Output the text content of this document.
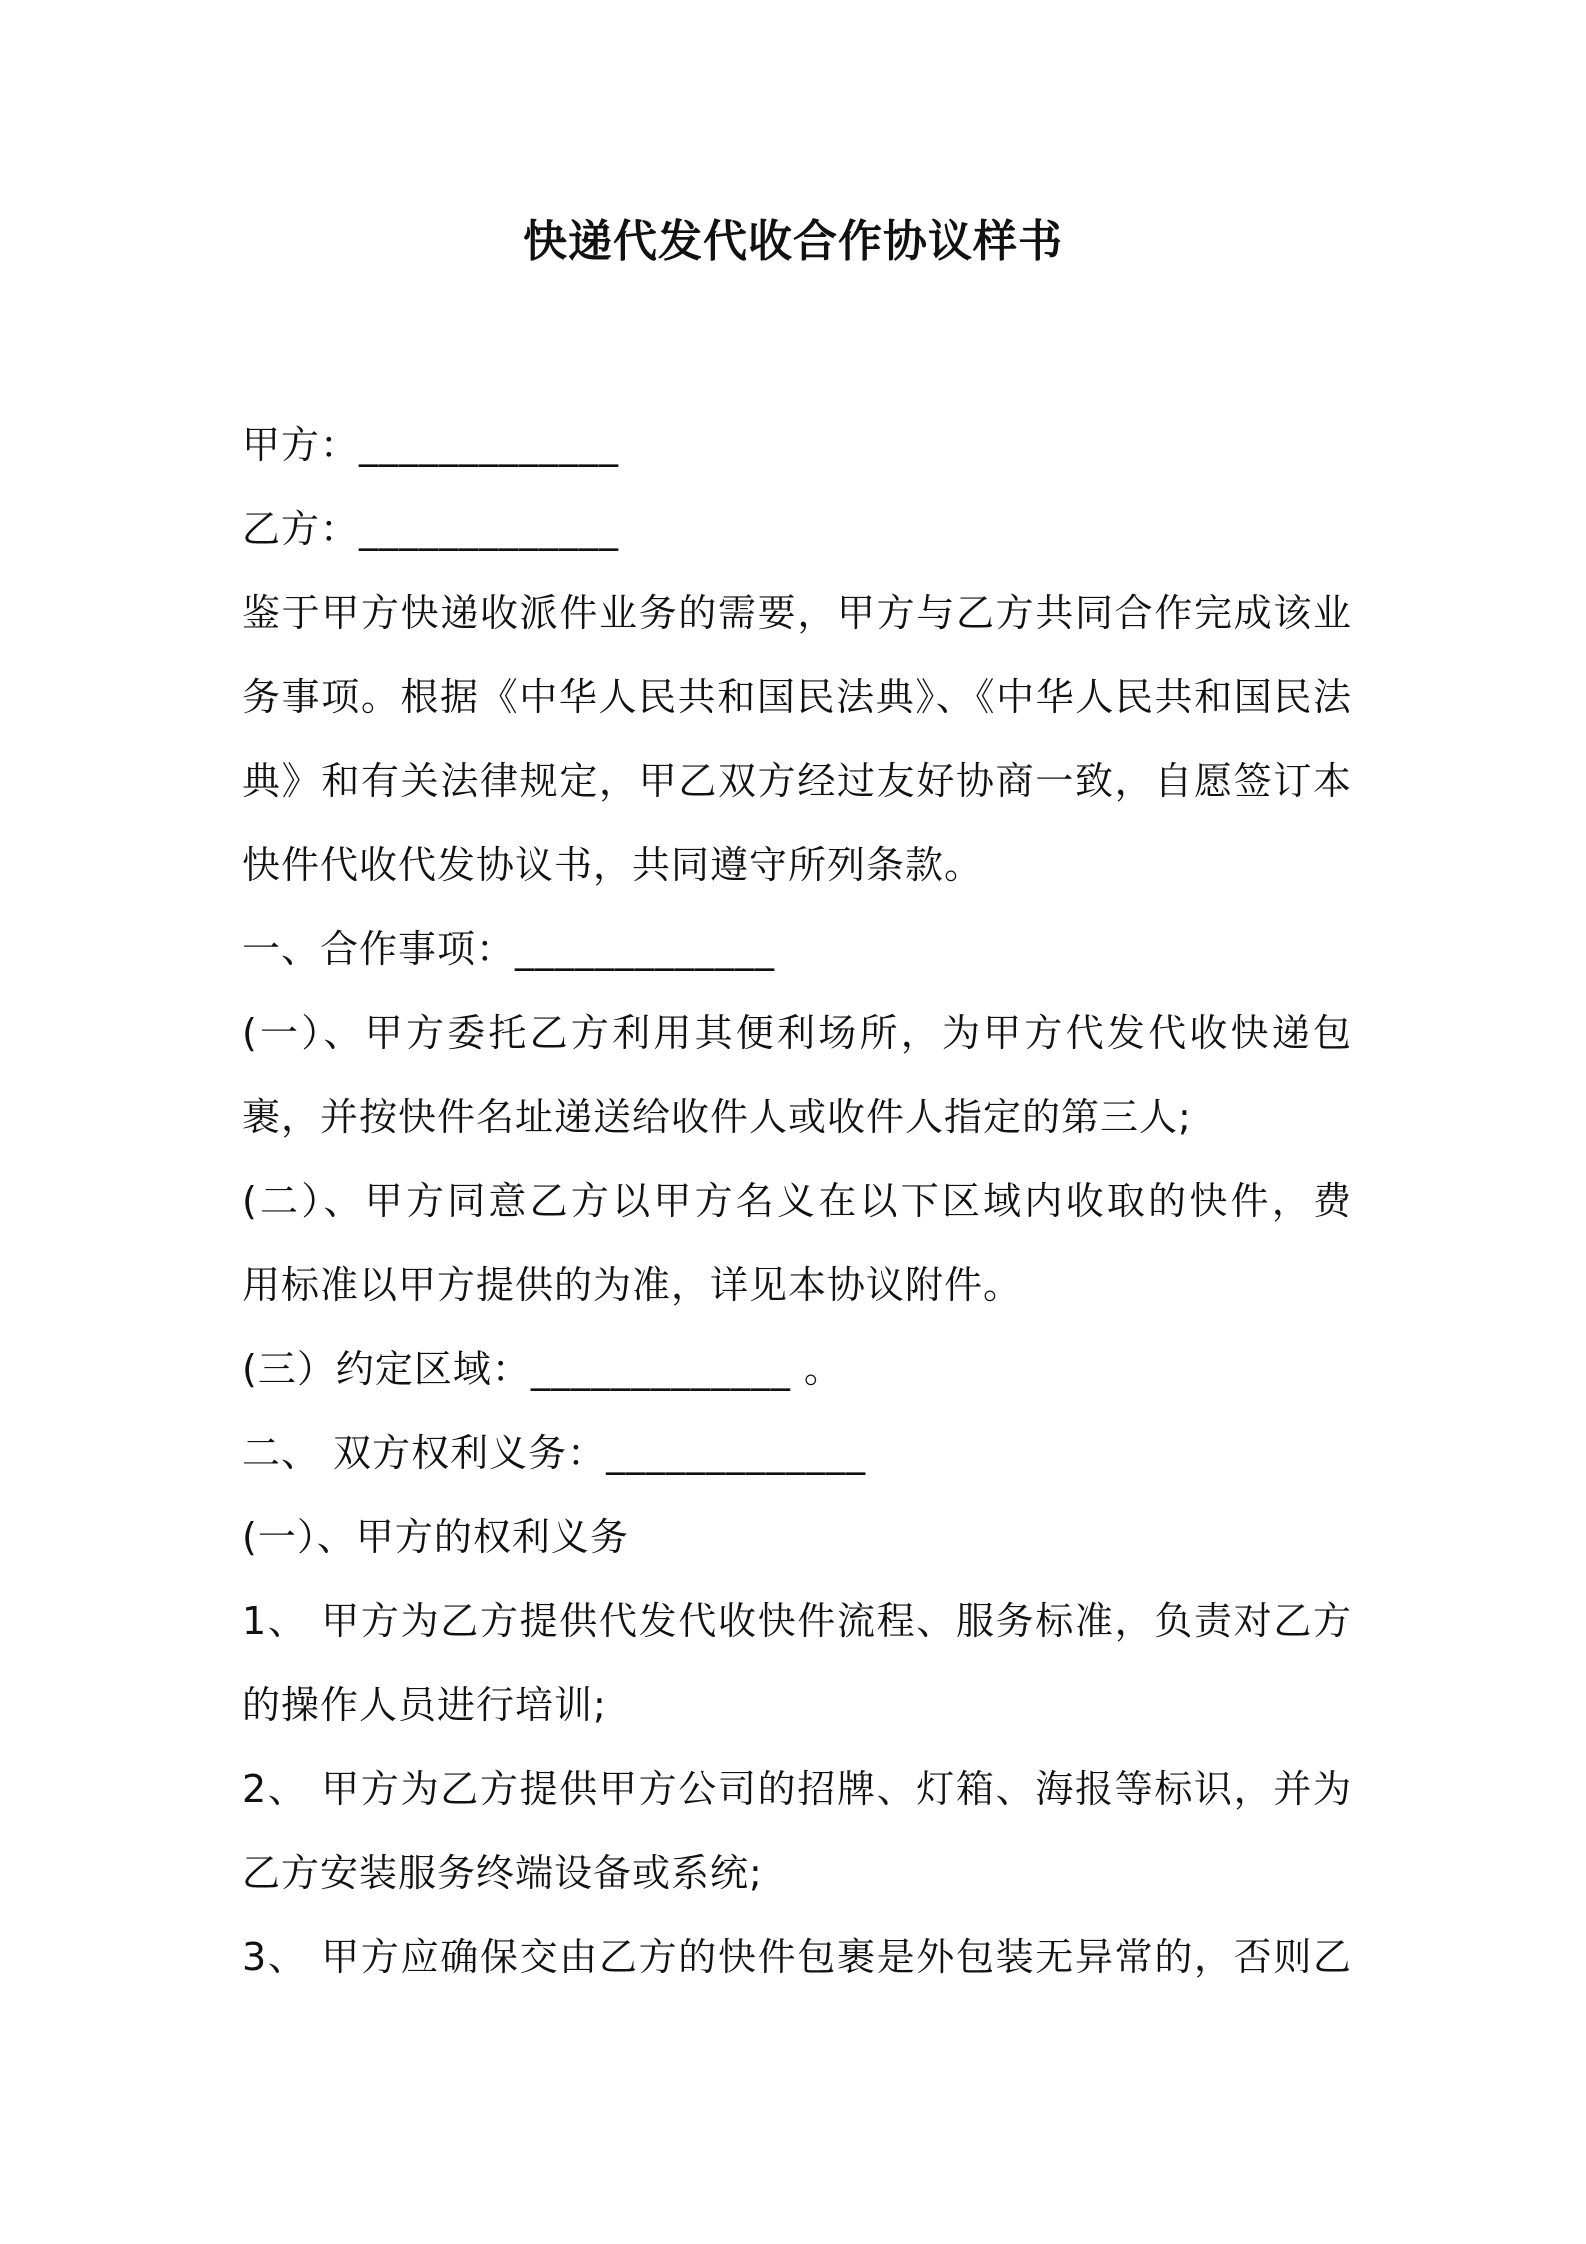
快递代发代收合作协议样书

甲方：_____________

乙方：_____________

鉴于甲方快递收派件业务的需要，甲方与乙方共同合作完成该业

务事项。根据《中华人民共和国民法典》、《中华人民共和国民法

典》和有关法律规定，甲乙双方经过友好协商一致，自愿签订本

快件代收代发协议书，共同遵守所列条款。

一、合作事项：_____________

(一）、甲方委托乙方利用其便利场所，为甲方代发代收快递包

裹，并按快件名址递送给收件人或收件人指定的第三人;

(二）、甲方同意乙方以甲方名义在以下区域内收取的快件，费

用标准以甲方提供的为准，详见本协议附件。

(三）约定区域：_____________ 。

二、 双方权利义务：_____________

(一）、甲方的权利义务

1、 甲方为乙方提供代发代收快件流程、服务标准，负责对乙方

的操作人员进行培训;

2、 甲方为乙方提供甲方公司的招牌、灯箱、海报等标识，并为

乙方安装服务终端设备或系统;

3、 甲方应确保交由乙方的快件包裹是外包装无异常的，否则乙
